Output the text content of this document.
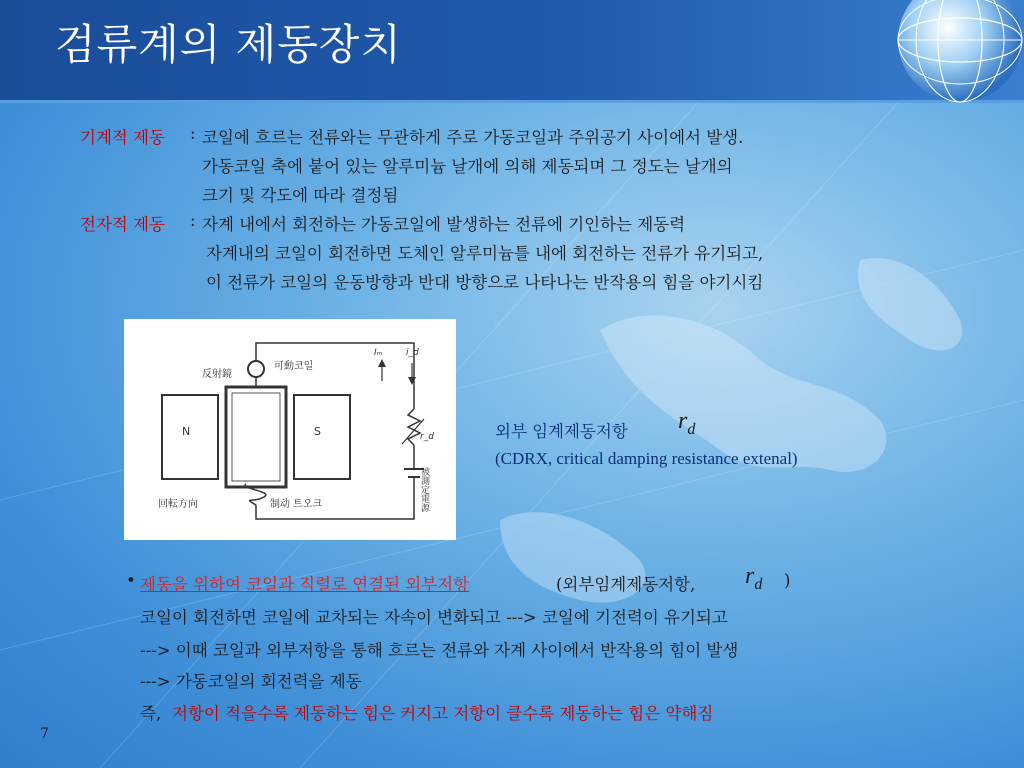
검류계의 제동장치
기계적 제동 : 코일에 흐르는 전류와는 무관하게 주로 가동코일과 주위공기 사이에서 발생.
가동코일 축에 붙어 있는 알루미늄 날개에 의해 제동되며 그 정도는 날개의
크기 및 각도에 따라 결정됨
전자적 제동 : 자계 내에서 회전하는 가동코일에 발생하는 전류에 기인하는 제동력
자계내의 코일이 회전하면 도체인 알루미늄틀 내에 회전하는 전류가 유기되고,
이 전류가 코일의 운동방향과 반대 방향으로 나타나는 반작용의 힘을 야기시킴
反射鏡
可動코일
N	S
回転方向	制动 트오크
Iₘ	i_d
r_d
被測定電源
외부 임계제동저항 $r_d$
(CDRX, critical damping resistance extenal)
• 제동을 위하여 코일과 직렬로 연결된 외부저항	(외부임계제동저항, $r_d$ )
코일이 회전하면 코일에 교차되는 자속이 변화되고 ---> 코일에 기전력이 유기되고
---> 이때 코일과 외부저항을 통해 흐르는 전류와 자계 사이에서 반작용의 힘이 발생
---> 가동코일의 회전력을 제동
즉, 저항이 적을수록 제동하는 힘은 커지고 저항이 클수록 제동하는 힘은 약해짐
7
